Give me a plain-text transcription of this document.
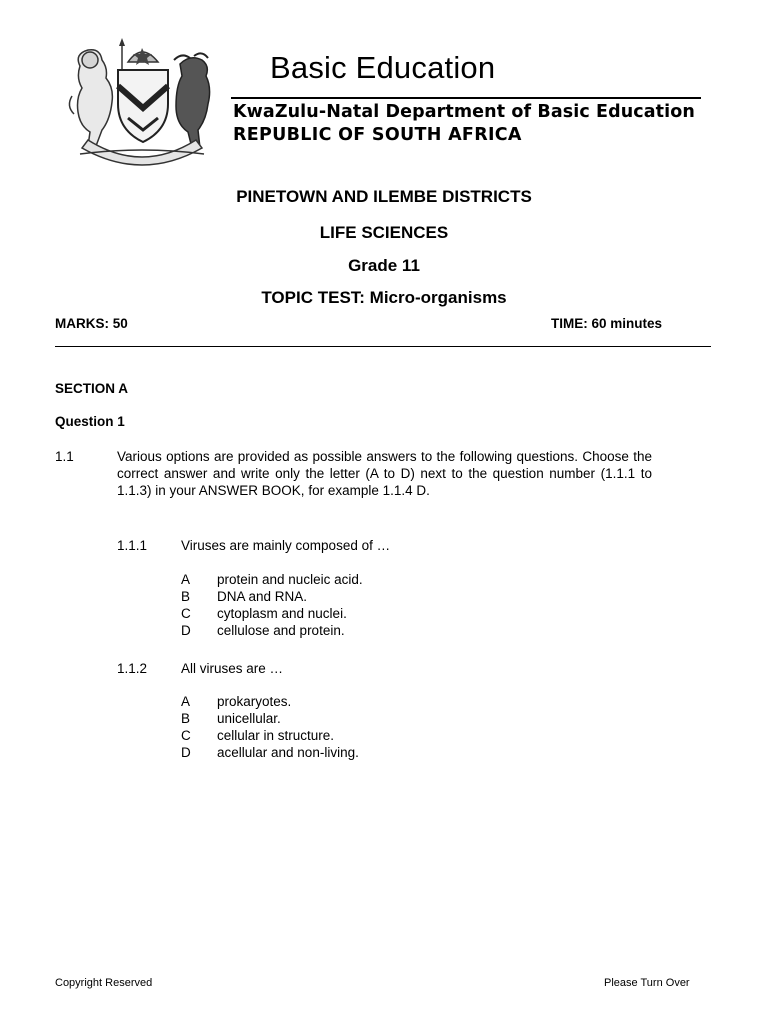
Basic Education
KwaZulu-Natal Department of Basic Education
REPUBLIC OF SOUTH AFRICA
PINETOWN AND ILEMBE DISTRICTS
LIFE SCIENCES
Grade 11
TOPIC TEST: Micro-organisms
MARKS: 50	TIME: 60 minutes
SECTION A
Question 1
1.1	Various options are provided as possible answers to the following questions. Choose the correct answer and write only the letter (A to D) next to the question number (1.1.1 to 1.1.3) in your ANSWER BOOK, for example 1.1.4 D.
1.1.1	Viruses are mainly composed of …
A protein and nucleic acid.
B DNA and RNA.
C cytoplasm and nuclei.
D cellulose and protein.
1.1.2	All viruses are …
A prokaryotes.
B unicellular.
C cellular in structure.
D acellular and non-living.
Copyright Reserved	Please Turn Over
